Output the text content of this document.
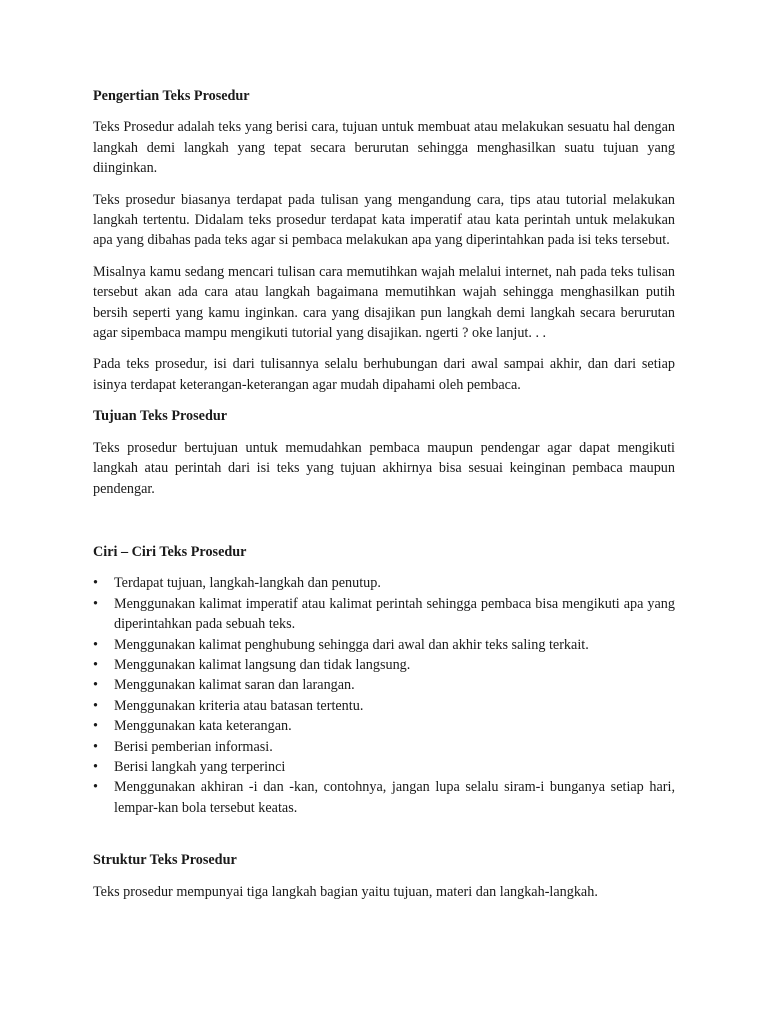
Pengertian Teks Prosedur
Teks Prosedur adalah teks yang berisi cara, tujuan untuk membuat atau melakukan sesuatu hal dengan langkah demi langkah yang tepat secara berurutan sehingga menghasilkan suatu tujuan yang diinginkan.
Teks prosedur biasanya terdapat pada tulisan yang mengandung cara, tips atau tutorial melakukan langkah tertentu. Didalam teks prosedur terdapat kata imperatif atau kata perintah untuk melakukan apa yang dibahas pada teks agar si pembaca melakukan apa yang diperintahkan pada isi teks tersebut.
Misalnya kamu sedang mencari tulisan cara memutihkan wajah melalui internet, nah pada teks tulisan tersebut akan ada cara atau langkah bagaimana memutihkan wajah sehingga menghasilkan putih bersih seperti yang kamu inginkan. cara yang disajikan pun langkah demi langkah secara berurutan agar sipembaca mampu mengikuti tutorial yang disajikan. ngerti ? oke lanjut. . .
Pada teks prosedur, isi dari tulisannya selalu berhubungan dari awal sampai akhir, dan dari setiap isinya terdapat keterangan-keterangan agar mudah dipahami oleh pembaca.
Tujuan Teks Prosedur
Teks prosedur bertujuan untuk memudahkan pembaca maupun pendengar agar dapat mengikuti langkah atau perintah dari isi teks yang tujuan akhirnya bisa sesuai keinginan pembaca maupun pendengar.
Ciri – Ciri Teks Prosedur
•	Terdapat tujuan, langkah-langkah dan penutup.
•	Menggunakan kalimat imperatif atau kalimat perintah sehingga pembaca bisa mengikuti apa yang diperintahkan pada sebuah teks.
•	Menggunakan kalimat penghubung sehingga dari awal dan akhir teks saling terkait.
•	Menggunakan kalimat langsung dan tidak langsung.
•	Menggunakan kalimat saran dan larangan.
•	Menggunakan kriteria atau batasan tertentu.
•	Menggunakan kata keterangan.
•	Berisi pemberian informasi.
•	Berisi langkah yang terperinci
•	Menggunakan akhiran -i dan -kan, contohnya, jangan lupa selalu siram-i bunganya setiap hari, lempar-kan bola tersebut keatas.
Struktur Teks Prosedur
Teks prosedur mempunyai tiga langkah bagian yaitu tujuan, materi dan langkah-langkah.
